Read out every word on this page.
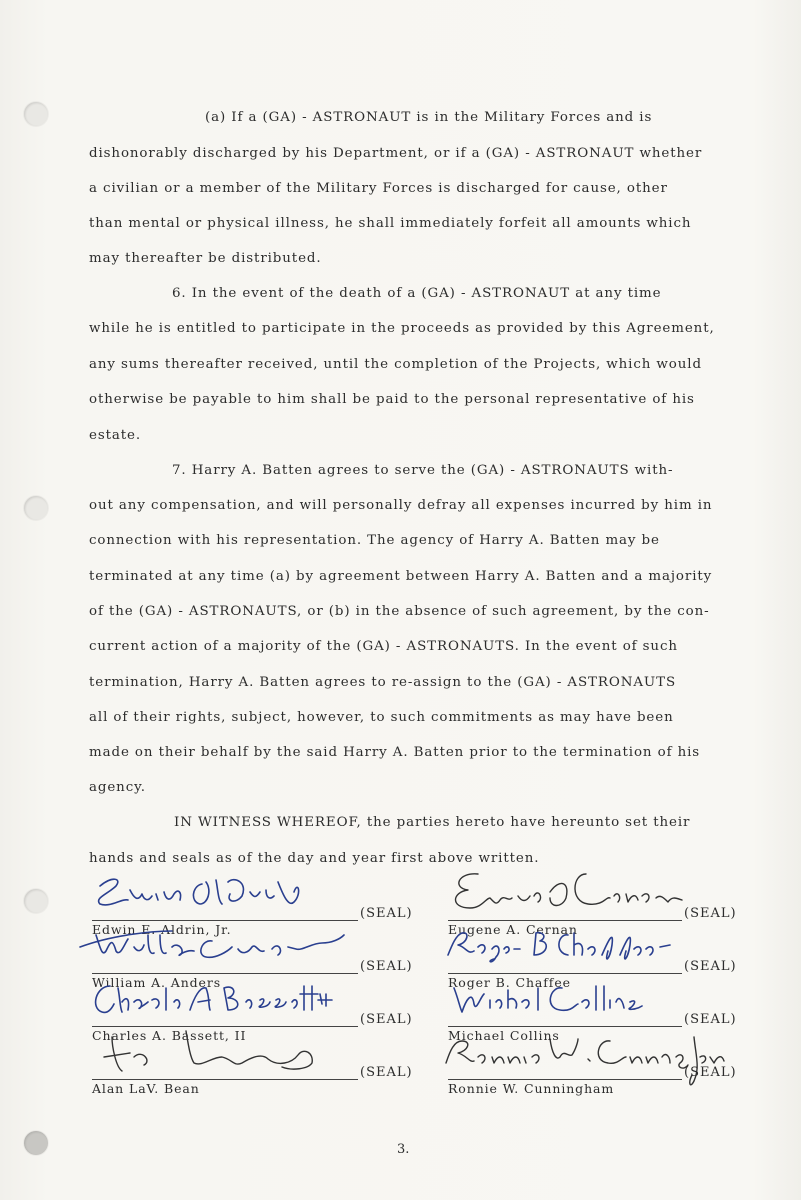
(a) If a (GA) - ASTRONAUT is in the Military Forces and is
dishonorably discharged by his Department, or if a (GA) - ASTRONAUT whether
a civilian or a member of the Military Forces is discharged for cause, other
than mental or physical illness, he shall immediately forfeit all amounts which
may thereafter be distributed.
6. In the event of the death of a (GA) - ASTRONAUT at any time
while he is entitled to participate in the proceeds as provided by this Agreement,
any sums thereafter received, until the completion of the Projects, which would
otherwise be payable to him shall be paid to the personal representative of his
estate.
7. Harry A. Batten agrees to serve the (GA) - ASTRONAUTS with-
out any compensation, and will personally defray all expenses incurred by him in
connection with his representation. The agency of Harry A. Batten may be
terminated at any time (a) by agreement between Harry A. Batten and a majority
of the (GA) - ASTRONAUTS, or (b) in the absence of such agreement, by the con-
current action of a majority of the (GA) - ASTRONAUTS. In the event of such
termination, Harry A. Batten agrees to re-assign to the (GA) - ASTRONAUTS
all of their rights, subject, however, to such commitments as may have been
made on their behalf by the said Harry A. Batten prior to the termination of his
agency.
IN WITNESS WHEREOF, the parties hereto have hereunto set their
hands and seals as of the day and year first above written.
(SEAL)
Edwin E. Aldrin, Jr.
(SEAL)
William A. Anders
(SEAL)
Charles A. Bassett, II
(SEAL)
Alan LaV. Bean
(SEAL)
Eugene A. Cernan
(SEAL)
Roger B. Chaffee
(SEAL)
Michael Collins
(SEAL)
Ronnie W. Cunningham
3.
